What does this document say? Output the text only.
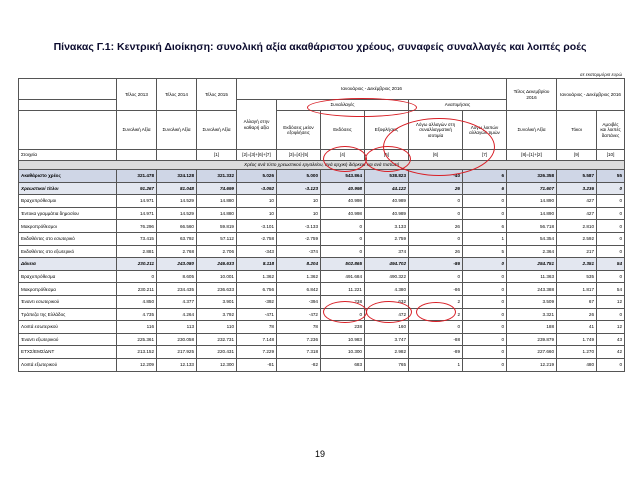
Πίνακας Γ.1: Κεντρική Διοίκηση: συνολική αξία ακαθάριστου χρέους, συναφείς συναλλαγές και λοιπές ροές
σε εκατομμύρια ευρώ
	Τέλος 2013	Τέλος 2014	Τέλος 2015	Ιανουάριος - Δεκέμβριος 2016						Τέλος Δεκεμβρίου 2016	Ιανουάριος - Δεκέμβριος 2016	
				Αλλαγή στην καθαρή αξία	Συναλλαγές			Αναπιμήσεις				
	Συνολική Αξία	Συνολική Αξία	Συνολική Αξία		Εκδόσεις μείον εξοφλήσεις	Εκδόσεις	Εξοφλήσεις	Λόγω αλλαγών στη συναλλαγματική ισοτιμία	Λόγω λοιπών αλλαγών τιμών	Συνολική Αξία	Τόκοι	Αμοιβές και λοιπές δαπάνες
Στοιχεία			[1]	[2]=[3]+[6]+[7]	[3]=[4]-[5]	[4]	[5]	[6]	[7]	[8]=[1]+[2]	[9]	[10]
Χρέος ανά τύπο χρεωστικού εργαλείου, ανά αρχική διάρκεια και ανά πιστωτή												
Ακαθάριστο χρέος	321.478	324.128	321.332	5.026	5.000	543.864	538.823	-40	6	326.358	5.587	55
Χρεωστικοί τίτλοι	91.267	81.048	74.699	-3.092	-3.123	40.998	44.122	26	6	71.607	3.236	0
Βραχυπρόθεσμοι	14.971	14.529	14.880	10	10	40.998	40.989	0	0	14.890	427	0
Έντοκα γραμμάτια δημοσίου	14.971	14.529	14.880	10	10	40.998	40.989	0	0	14.890	427	0
Μακροπρόθεσμοι	76.296	66.560	59.819	-3.101	-3.133	0	3.133	26	6	56.718	2.810	0
Εκδοθέντες στο εσωτερικό	73.415	63.792	57.112	-2.758	-2.759	0	2.759	0	1	54.354	2.592	0
Εκδοθέντες στο εξωτερικό	2.881	2.768	2.706	-343	-374	0	374	26	5	2.364	217	0
Δάνεια	230.211	243.080	246.633	8.118	8.204	502.865	494.702	-86	0	254.751	2.351	54
Βραχυπρόθεσμα	0	8.605	10.001	1.362	1.362	491.684	490.322	0	0	11.363	535	0
Μακροπρόθεσμα	230.211	234.435	236.633	6.756	6.842	11.221	4.380	-86	0	243.388	1.817	54
Έναντι εσωτερικού	4.850	4.377	3.901	-392	-394	238	632	2	0	3.509	67	12
Τράπεζα της Ελλάδος	4.735	4.264	3.792	-471	-472	0	472	2	0	3.321	26	0
Λοιπά εσωτερικού	116	113	110	78	78	238	160	0	0	188	41	12
Έναντι εξωτερικού	225.361	230.058	232.731	7.148	7.236	10.983	3.747	-88	0	239.879	1.749	43
ΕΤΧΣ/ΕΜΣ/ΔΝΤ	213.152	217.925	220.431	7.229	7.318	10.300	2.982	-89	0	227.660	1.270	42
Λοιπά εξωτερικού	12.209	12.133	12.300	-81	-82	683	765	1	0	12.219	480	0
19
